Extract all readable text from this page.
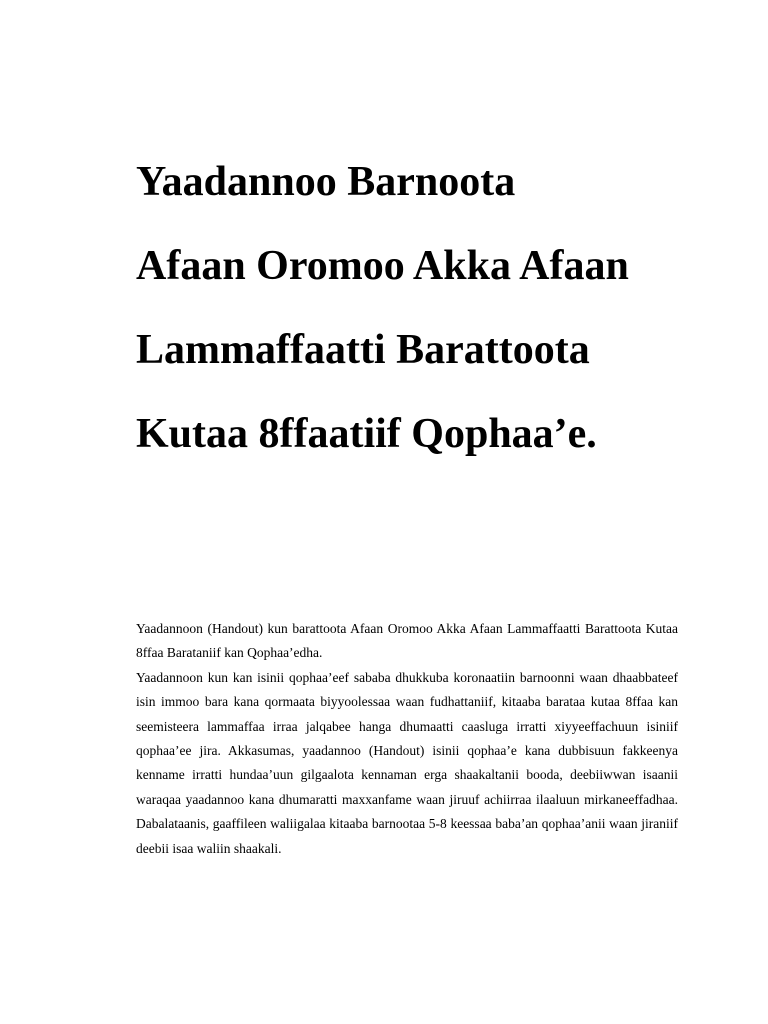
Yaadannoo Barnoota
Afaan Oromoo Akka Afaan
Lammaffaatti Barattoota
Kutaa 8ffaatiif Qophaa’e.

Yaadannoon (Handout) kun barattoota Afaan Oromoo Akka Afaan Lammaffaatti Barattoota Kutaa 8ffaa Barataniif kan Qophaa’edha.

Yaadannoon kun kan isinii qophaa’eef sababa dhukkuba koronaatiin barnoonni waan dhaabbateef isin immoo bara kana qormaata biyyoolessaa waan fudhattaniif, kitaaba barataa kutaa 8ffaa kan seemisteera lammaffaa irraa jalqabee hanga dhumaatti caasluga irratti xiyyeeffachuun isiniif qophaa’ee jira. Akkasumas, yaadannoo (Handout) isinii qophaa’e kana dubbisuun fakkeenya kenname irratti hundaa’uun gilgaalota kennaman erga shaakaltanii booda, deebiiwwan isaanii waraqaa yaadannoo kana dhumaratti maxxanfame waan jiruuf achiirraa ilaaluun mirkaneeffadhaa. Dabalataanis, gaaffileen waliigalaa kitaaba barnootaa 5-8 keessaa baba’an qophaa’anii waan jiraniif deebii isaa waliin shaakali.
